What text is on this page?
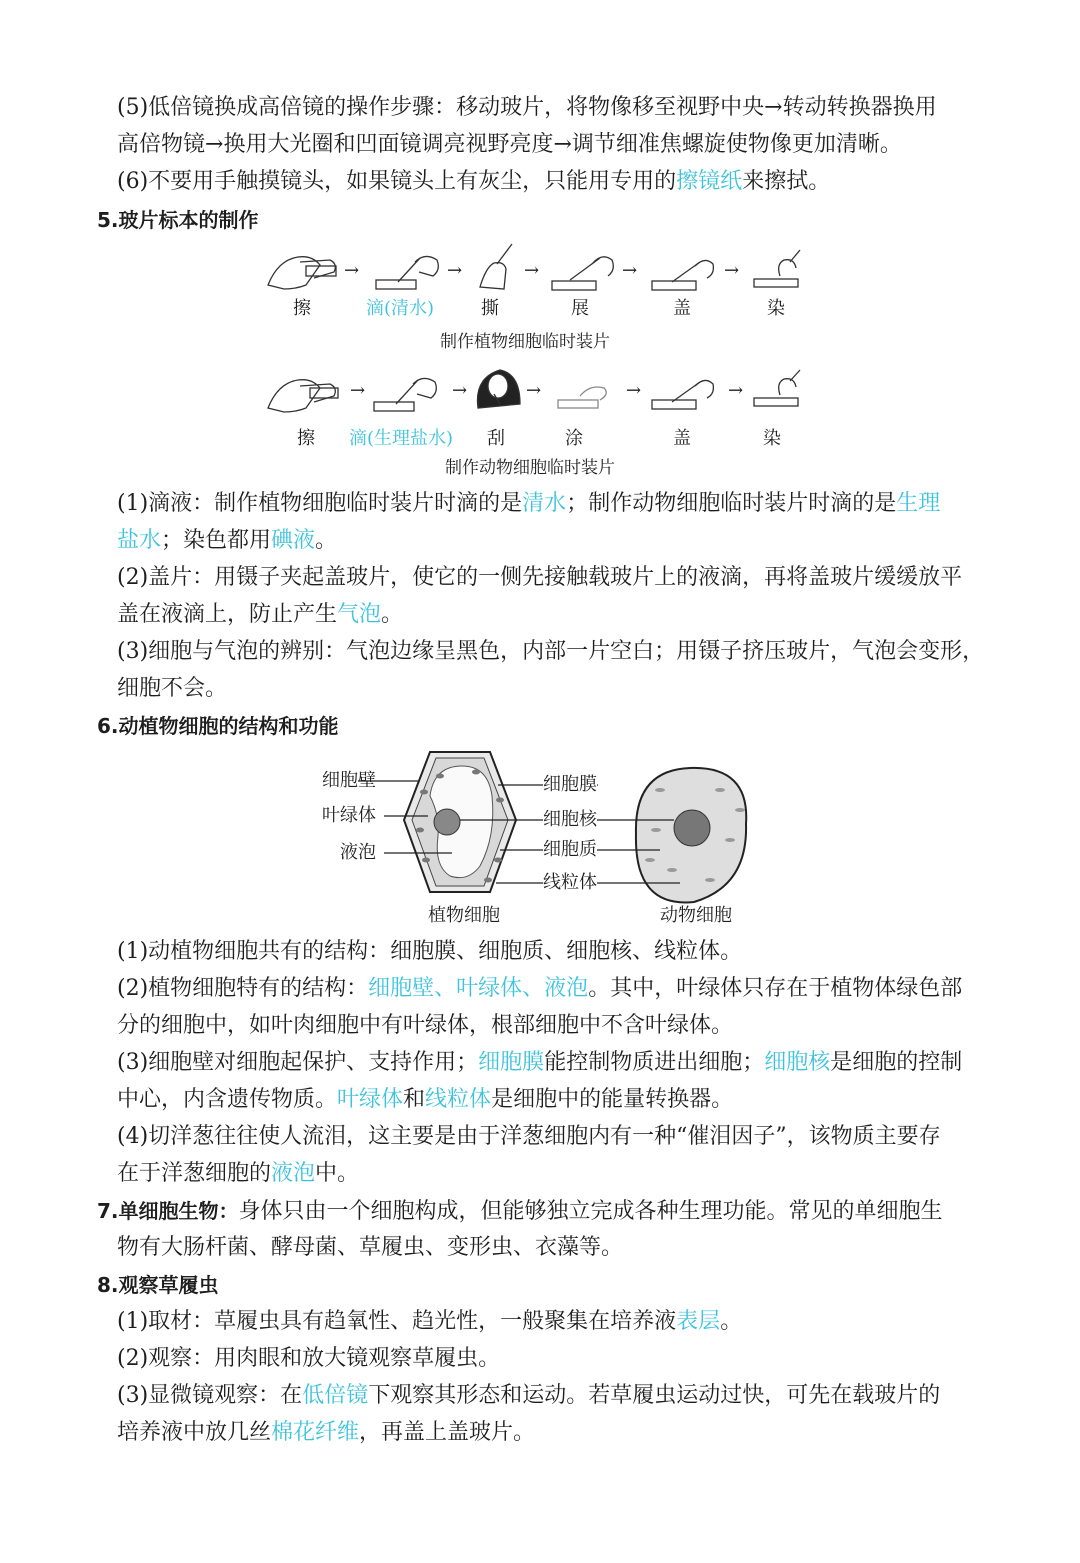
(5)低倍镜换成高倍镜的操作步骤：移动玻片，将物像移至视野中央→转动转换器换用
高倍物镜→换用大光圈和凹面镜调亮视野亮度→调节细准焦螺旋使物像更加清晰。
(6)不要用手触摸镜头，如果镜头上有灰尘，只能用专用的擦镜纸来擦拭。
5.玻片标本的制作
→	→	→	→	→
擦	滴(清水)	撕	展	盖	染
制作植物细胞临时装片
→	→	→	→	→
擦	滴(生理盐水)	刮	涂	盖	染
制作动物细胞临时装片
(1)滴液：制作植物细胞临时装片时滴的是清水；制作动物细胞临时装片时滴的是生理
盐水；染色都用碘液。
(2)盖片：用镊子夹起盖玻片，使它的一侧先接触载玻片上的液滴，再将盖玻片缓缓放平
盖在液滴上，防止产生气泡。
(3)细胞与气泡的辨别：气泡边缘呈黑色，内部一片空白；用镊子挤压玻片，气泡会变形，
细胞不会。
6.动植物细胞的结构和功能
细胞壁
叶绿体
液泡
细胞膜
细胞核
细胞质
线粒体
植物细胞	动物细胞
(1)动植物细胞共有的结构：细胞膜、细胞质、细胞核、线粒体。
(2)植物细胞特有的结构：细胞壁、叶绿体、液泡。其中，叶绿体只存在于植物体绿色部
分的细胞中，如叶肉细胞中有叶绿体，根部细胞中不含叶绿体。
(3)细胞壁对细胞起保护、支持作用；细胞膜能控制物质进出细胞；细胞核是细胞的控制
中心，内含遗传物质。叶绿体和线粒体是细胞中的能量转换器。
(4)切洋葱往往使人流泪，这主要是由于洋葱细胞内有一种“催泪因子”，该物质主要存
在于洋葱细胞的液泡中。
7.单细胞生物：身体只由一个细胞构成，但能够独立完成各种生理功能。常见的单细胞生
物有大肠杆菌、酵母菌、草履虫、变形虫、衣藻等。
8.观察草履虫
(1)取材：草履虫具有趋氧性、趋光性，一般聚集在培养液表层。
(2)观察：用肉眼和放大镜观察草履虫。
(3)显微镜观察：在低倍镜下观察其形态和运动。若草履虫运动过快，可先在载玻片的
培养液中放几丝棉花纤维，再盖上盖玻片。
